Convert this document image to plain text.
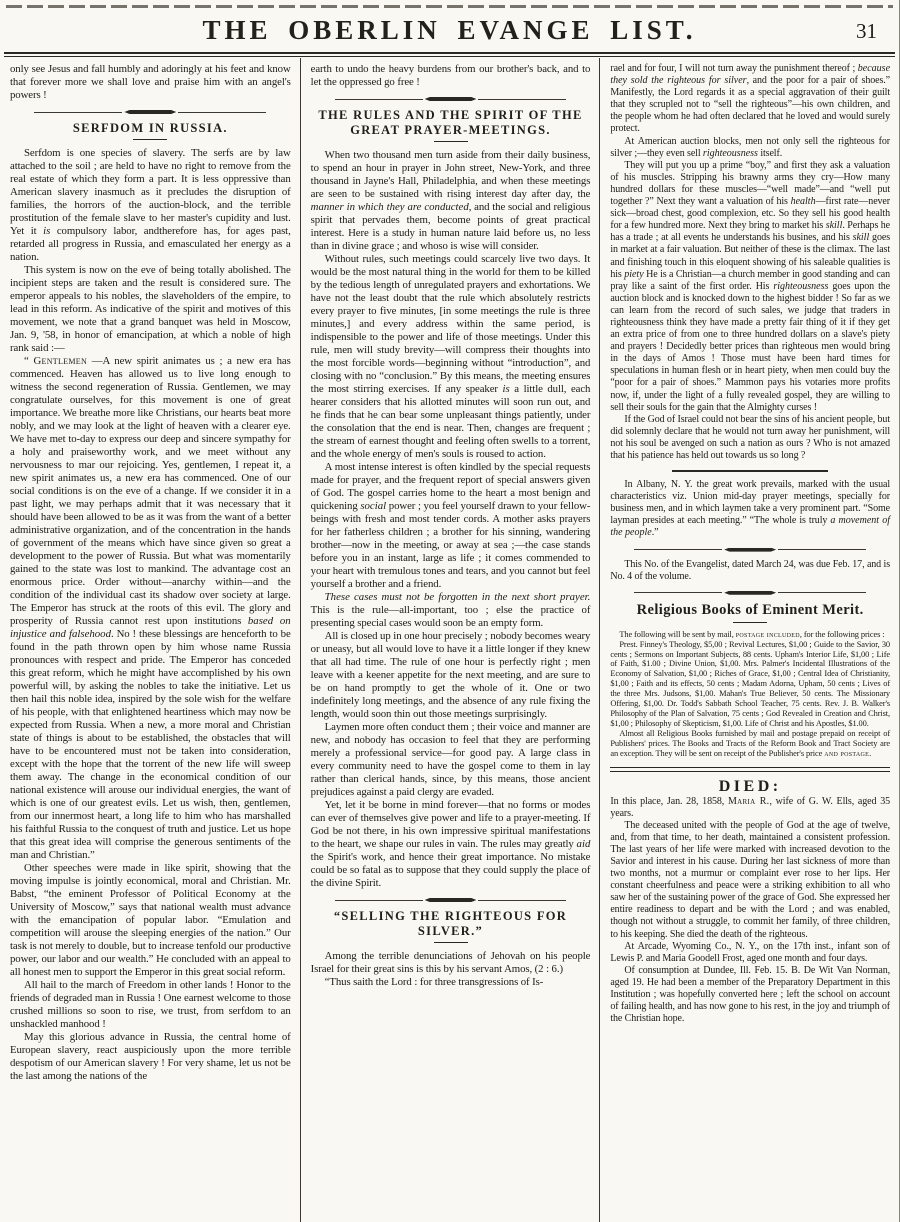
THE OBERLIN EVANGE LIST.	31

only see Jesus and fall humbly and adoringly at his feet and know that forever more we shall love and praise him with an angel's powers !

SERFDOM IN RUSSIA.

Serfdom is one species of slavery. The serfs are by law attached to the soil ; are held to have no right to remove from the real estate of which they form a part. It is less oppressive than American slavery inasmuch as it precludes the disruption of families, the horrors of the auction-block, and the terrible prostitution of the female slave to her master's cupidity and lust. Yet it is compulsory labor, andtherefore has, for ages past, retarded all progress in Russia, and emasculated her energy as a nation.

This system is now on the eve of being totally abolished. The incipient steps are taken and the result is considered sure. The emperor appeals to his nobles, the slaveholders of the empire, to lead in this reform. As indicative of the spirit and motives of this movement, we note that a grand banquet was held in Moscow, Jan. 9, '58, in honor of emancipation, at which a noble of high rank said :—

“ Gentlemen —A new spirit animates us ; a new era has commenced. Heaven has allowed us to live long enough to witness the second regeneration of Russia. Gentlemen, we may congratulate ourselves, for this movement is one of great importance. We breathe more like Christians, our hearts beat more nobly, and we may look at the light of heaven with a clearer eye. We have met to-day to express our deep and sincere sympathy for a holy and praiseworthy work, and we meet without any nervousness to mar our rejoicing. Yes, gentlemen, I repeat it, a new spirit animates us, a new era has commenced. One of our social conditions is on the eve of a change. If we consider it in a past light, we may perhaps admit that it was necessary that it should have been allowed to be as it was from the want of a better administrative organization, and of the concentration in the hands of government of the means which have since given so great a development to the power of Russia. But what was momentarily gained to the state was lost to mankind. The advantage cost an enormous price. Order without—anarchy within—and the condition of the individual cast its shadow over society at large. The Emperor has struck at the roots of this evil. The glory and prosperity of Russia cannot rest upon institutions based on injustice and falsehood. No ! these blessings are henceforth to be found in the path thrown open by him whose name Russia pronounces with respect and pride. The Emperor has conceded this great reform, which he might have accomplished by his own powerful will, by asking the nobles to take the initiative. Let us then hail this noble idea, inspired by the sole wish for the welfare of his people, with that enlightened heartiness which may now be expected from Russia. When a new, a more moral and Christian state of things is about to be established, the obstacles that will have to be encountered must not be taken into consideration, except with the hope that the torrent of the new life will sweep them away. The change in the economical condition of our national existence will arouse our individual energies, the want of which is one of our greatest evils. Let us wish, then, gentlemen, from our innermost heart, a long life to him who has marshalled his faithful Russia to the conquest of truth and justice. Let us hope that this great idea will comprise the generous sentiments of the man and Christian.”

Other speeches were made in like spirit, showing that the moving impulse is jointly economical, moral and Christian. Mr. Babst, “the eminent Professor of Political Economy at the University of Moscow,” says that national wealth must advance with the emancipation of popular labor. “Emulation and competition will arouse the sleeping energies of the nation.” Our task is not merely to double, but to increase tenfold our productive power, our labor and our wealth.” He concluded with an appeal to all honest men to support the Emperor in this great social reform.

All hail to the march of Freedom in other lands ! Honor to the friends of degraded man in Russia ! One earnest welcome to those crushed millions so soon to rise, we trust, from serfdom to an unshackled manhood !

May this glorious advance in Russia, the central home of European slavery, react auspiciously upon the more terrible despotism of our American slavery ! For very shame, let us not be the last among the nations of the

earth to undo the heavy burdens from our brother's back, and to let the oppressed go free !

THE RULES AND THE SPIRIT OF THE GREAT PRAYER-MEETINGS.

When two thousand men turn aside from their daily business, to spend an hour in prayer in John street, New-York, and three thousand in Jayne's Hall, Philadelphia, and when these meetings are seen to be sustained with rising interest day after day, the manner in which they are conducted, and the social and religious spirit that pervades them, become points of great practical interest. Here is a study in human nature laid before us, no less than in divine grace ; and whoso is wise will consider.

Without rules, such meetings could scarcely live two days. It would be the most natural thing in the world for them to be killed by the tedious length of unregulated prayers and exhortations. We have not the least doubt that the rule which absolutely restricts every prayer to five minutes, [in some meetings the rule is three minutes,] and every address within the same period, is indispensible to the power and life of those meetings. Under this rule, men will study brevity—will compress their thoughts into the most forcible words—beginning without “introduction”, and closing with no “conclusion.” By this means, the meeting ensures the most stirring exercises. If any speaker is a little dull, each hearer considers that his allotted minutes will soon run out, and he finds that he can bear some unpleasant things patiently, under the consolation that the end is near. Then, changes are frequent ; the stream of earnest thought and feeling often swells to a torrent, and the whole energy of men's souls is roused to action.

A most intense interest is often kindled by the special requests made for prayer, and the frequent report of special answers given of God. The gospel carries home to the heart a most benign and quickening social power ; you feel yourself drawn to your fellow-beings with fresh and most tender cords. A mother asks prayers for her fatherless children ; a brother for his sinning, wandering brother—now in the meeting, or away at sea ;—the case stands before you in an instant, large as life ; it comes commended to your heart with tremulous tones and tears, and you cannot but feel yourself a brother and a friend.

These cases must not be forgotten in the next short prayer. This is the rule—all-important, too ; else the practice of presenting special cases would soon be an empty form.

All is closed up in one hour precisely ; nobody becomes weary or uneasy, but all would love to have it a little longer if they knew that all had time. The rule of one hour is perfectly right ; men leave with a keener appetite for the next meeting, and are sure to be on hand promptly to get the whole of it. One or two indefinitely long meetings, and the absence of any rule fixing the length, would soon thin out those meetings surprisingly.

Laymen more often conduct them ; their voice and manner are new, and nobody has occasion to feel that they are performing merely a professional service—for good pay. A large class in every community need to have the gospel come to them in lay rather than clerical hands, since, by this means, those ancient prejudices against a paid clergy are evaded.

Yet, let it be borne in mind forever—that no forms or modes can ever of themselves give power and life to a prayer-meeting. If God be not there, in his own impressive spiritual manifestations to the heart, we shape our rules in vain. The rules may greatly aid the Spirit's work, and hence their great importance. No mistake could be so fatal as to suppose that they could supply the place of the divine Spirit.

“SELLING THE RIGHTEOUS FOR SILVER.”

Among the terrible denunciations of Jehovah on his people Israel for their great sins is this by his servant Amos, (2 : 6.)

“Thus saith the Lord : for three transgressions of Is-

rael and for four, I will not turn away the punishment thereof ; because they sold the righteous for silver, and the poor for a pair of shoes.” Manifestly, the Lord regards it as a special aggravation of their guilt that they scrupled not to “sell the righteous”—his own children, and the people whom he had often declared that he loved and would surely protect.

At American auction blocks, men not only sell the righteous for silver ;—they even sell righteousness itself.

They will put you up a prime “boy,” and first they ask a valuation of his muscles. Stripping his brawny arms they cry—How many hundred dollars for these muscles—“well made”—and “well put together ?” Next they want a valuation of his health—first rate—never sick—broad chest, good complexion, etc. So they sell his good health for a few hundred more. Next they bring to market his skill. Perhaps he has a trade ; at all events he understands his busines, and his skill goes in market at a fair valuation. But neither of these is the climax. The last and finishing touch in this eloquent showing of his saleable qualities is his piety He is a Christian—a church member in good standing and can pray like a saint of the first order. His righteousness goes upon the auction block and is knocked down to the highest bidder ! So far as we can learn from the record of such sales, we judge that traders in righteousness think they have made a pretty fair thing of it if they get an extra price of from one to three hundred dollars on a slave's piety and prayers ! Decidedly better prices than righteous men would bring in the days of Amos ! Those must have been hard times for speculations in human flesh or in heart piety, when men could buy the “poor for a pair of shoes.” Mammon pays his votaries more profits now, if, under the light of a fully revealed gospel, they are willing to sell their souls for the gain that the Almighty curses !

If the God of Israel could not bear the sins of his ancient people, but did solemnly declare that he would not turn away her punishment, will not his soul be avenged on such a nation as ours ? Who is not amazed that his patience has held out towards us so long ?

In Albany, N. Y. the great work prevails, marked with the usual characteristics viz. Union mid-day prayer meetings, specially for business men, and in which laymen take a very prominent part. “Some layman presides at each meeting.” “The whole is truly a movement of the people.”

This No. of the Evangelist, dated March 24, was due Feb. 17, and is No. 4 of the volume.

Religious Books of Eminent Merit.

The following will be sent by mail, postage included, for the following prices :

Prest. Finney's Theology, $5,00 ; Revival Lectures, $1,00 ; Guide to the Savior, 30 cents ; Sermons on Important Subjects, 88 cents. Upham's Interior Life, $1,00 ; Life of Faith, $1.00 ; Divine Union, $1,00. Mrs. Palmer's Incidental Illustrations of the Economy of Salvation, $1,00 ; Riches of Grace, $1,00 ; Central Idea of Christianity, $1,00 ; Faith and its effects, 50 cents ; Madam Adorna, Upham, 50 cents ; Lives of the three Mrs. Judsons, $1,00. Mahan's True Believer, 50 cents. The Missionary Offering, $1,00. Dr. Todd's Sabbath School Teacher, 75 cents. Rev. J. B. Walker's Philosophy of the Plan of Salvation, 75 cents ; God Revealed in Creation and Christ, $1,00 ; Philosophy of Skepticism, $1,00. Life of Christ and his Apostles, $1.00.

Almost all Religious Books furnished by mail and postage prepaid on receipt of Publishers' prices. The Books and Tracts of the Reform Book and Tract Society are an exception. They will be sent on receipt of the Publisher's price and postage.

DIED:

In this place, Jan. 28, 1858, Maria R., wife of G. W. Ells, aged 35 years.

The deceased united with the people of God at the age of twelve, and, from that time, to her death, maintained a consistent profession. The last years of her life were marked with increased devotion to the Savior and interest in his cause. During her last sickness of more than two months, not a murmur or complaint ever rose to her lips. Her constant cheerfulness and peace were a striking exhibition to all who saw her of the sustaining power of the grace of God. She expressed her entire readiness to depart and be with the Lord ; and was enabled, though not without a struggle, to commit her family, of three children, to his keeping. She died the death of the righteous.

At Arcade, Wyoming Co., N. Y., on the 17th inst., infant son of Lewis P. and Maria Goodell Frost, aged one month and four days.

Of consumption at Dundee, Ill. Feb. 15. B. De Wit Van Norman, aged 19. He had been a member of the Preparatory Department in this Institution ; was hopefully converted here ; left the school on account of failing health, and has now gone to his rest, in the joy and triumph of the Christian hope.
